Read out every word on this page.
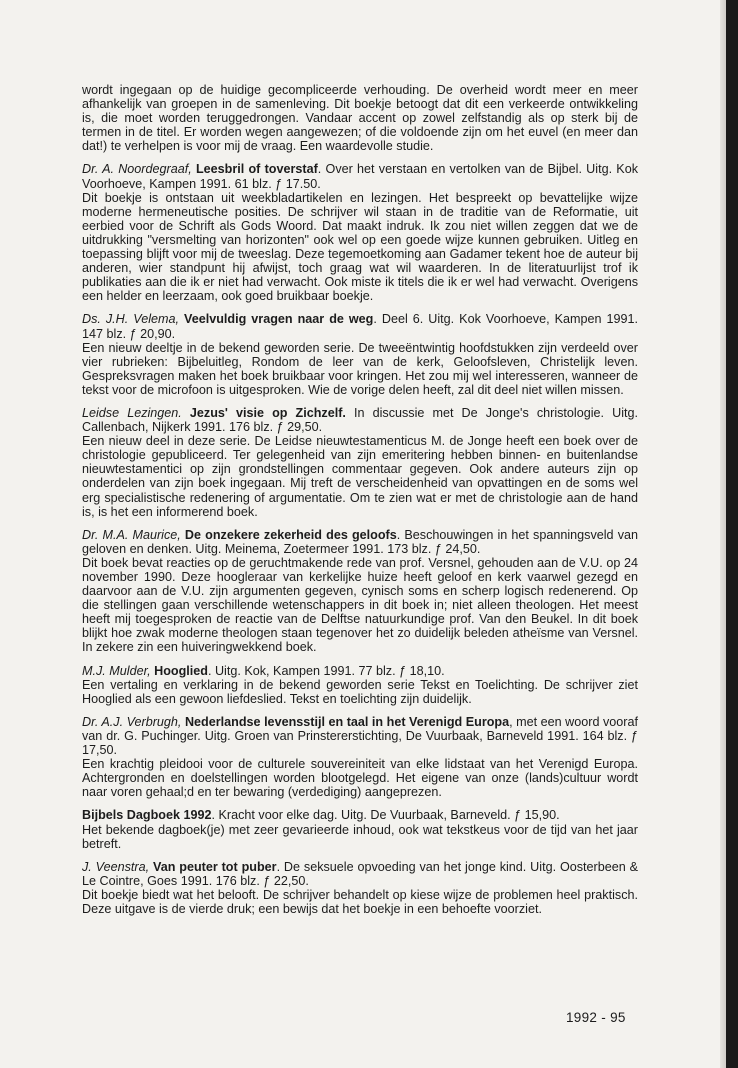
wordt ingegaan op de huidige gecompliceerde verhouding. De overheid wordt meer en meer afhankelijk van groepen in de samenleving. Dit boekje betoogt dat dit een verkeerde ontwikkeling is, die moet worden teruggedrongen. Vandaar accent op zowel zelfstandig als op sterk bij de termen in de titel. Er worden wegen aangewezen; of die voldoende zijn om het euvel (en meer dan dat!) te verhelpen is voor mij de vraag. Een waardevolle studie.

Dr. A. Noordegraaf, Leesbril of toverstaf. Over het verstaan en vertolken van de Bijbel. Uitg. Kok Voorhoeve, Kampen 1991. 61 blz. ƒ 17.50.
Dit boekje is ontstaan uit weekbladartikelen en lezingen. Het bespreekt op bevattelijke wijze moderne hermeneutische posities. De schrijver wil staan in de traditie van de Reformatie, uit eerbied voor de Schrift als Gods Woord. Dat maakt indruk. Ik zou niet willen zeggen dat we de uitdrukking "versmelting van horizonten" ook wel op een goede wijze kunnen gebruiken. Uitleg en toepassing blijft voor mij de tweeslag. Deze tegemoetkoming aan Gadamer tekent hoe de auteur bij anderen, wier standpunt hij afwijst, toch graag wat wil waarderen. In de literatuurlijst trof ik publikaties aan die ik er niet had verwacht. Ook miste ik titels die ik er wel had verwacht. Overigens een helder en leerzaam, ook goed bruikbaar boekje.
Ds. J.H. Velema, Veelvuldig vragen naar de weg. Deel 6. Uitg. Kok Voorhoeve, Kampen 1991. 147 blz. ƒ 20,90.
Een nieuw deeltje in de bekend geworden serie. De tweeëntwintig hoofdstukken zijn verdeeld over vier rubrieken: Bijbeluitleg, Rondom de leer van de kerk, Geloofsleven, Christelijk leven. Gespreksvragen maken het boek bruikbaar voor kringen. Het zou mij wel interesseren, wanneer de tekst voor de microfoon is uitgesproken. Wie de vorige delen heeft, zal dit deel niet willen missen.
Leidse Lezingen. Jezus' visie op Zichzelf. In discussie met De Jonge's christologie. Uitg. Callenbach, Nijkerk 1991. 176 blz. ƒ 29,50.
Een nieuw deel in deze serie. De Leidse nieuwtestamenticus M. de Jonge heeft een boek over de christologie gepubliceerd. Ter gelegenheid van zijn emeritering hebben binnen- en buitenlandse nieuwtestamentici op zijn grondstellingen commentaar gegeven. Ook andere auteurs zijn op onderdelen van zijn boek ingegaan. Mij treft de verscheidenheid van opvattingen en de soms wel erg specialistische redenering of argumentatie. Om te zien wat er met de christologie aan de hand is, is het een informerend boek.
Dr. M.A. Maurice, De onzekere zekerheid des geloofs. Beschouwingen in het spanningsveld van geloven en denken. Uitg. Meinema, Zoetermeer 1991. 173 blz. ƒ 24,50.
Dit boek bevat reacties op de geruchtmakende rede van prof. Versnel, gehouden aan de V.U. op 24 november 1990. Deze hoogleraar van kerkelijke huize heeft geloof en kerk vaarwel gezegd en daarvoor aan de V.U. zijn argumenten gegeven, cynisch soms en scherp logisch redenerend. Op die stellingen gaan verschillende wetenschappers in dit boek in; niet alleen theologen. Het meest heeft mij toegesproken de reactie van de Delftse natuurkundige prof. Van den Beukel. In dit boek blijkt hoe zwak moderne theologen staan tegenover het zo duidelijk beleden atheïsme van Versnel. In zekere zin een huiveringwekkend boek.
M.J. Mulder, Hooglied. Uitg. Kok, Kampen 1991. 77 blz. ƒ 18,10.
Een vertaling en verklaring in de bekend geworden serie Tekst en Toelichting. De schrijver ziet Hooglied als een gewoon liefdeslied. Tekst en toelichting zijn duidelijk.
Dr. A.J. Verbrugh, Nederlandse levensstijl en taal in het Verenigd Europa, met een woord vooraf van dr. G. Puchinger. Uitg. Groen van Prinstererstichting, De Vuurbaak, Barneveld 1991. 164 blz. ƒ 17,50.
Een krachtig pleidooi voor de culturele souvereiniteit van elke lidstaat van het Verenigd Europa. Achtergronden en doelstellingen worden blootgelegd. Het eigene van onze (lands)cultuur wordt naar voren gehaal;d en ter bewaring (verdediging) aangeprezen.
Bijbels Dagboek 1992. Kracht voor elke dag. Uitg. De Vuurbaak, Barneveld. ƒ 15,90.
Het bekende dagboek(je) met zeer gevarieerde inhoud, ook wat tekstkeus voor de tijd van het jaar betreft.
J. Veenstra, Van peuter tot puber. De seksuele opvoeding van het jonge kind. Uitg. Oosterbeen & Le Cointre, Goes 1991. 176 blz. ƒ 22,50.
Dit boekje biedt wat het belooft. De schrijver behandelt op kiese wijze de problemen heel praktisch. Deze uitgave is de vierde druk; een bewijs dat het boekje in een behoefte voorziet.
1992 - 95
